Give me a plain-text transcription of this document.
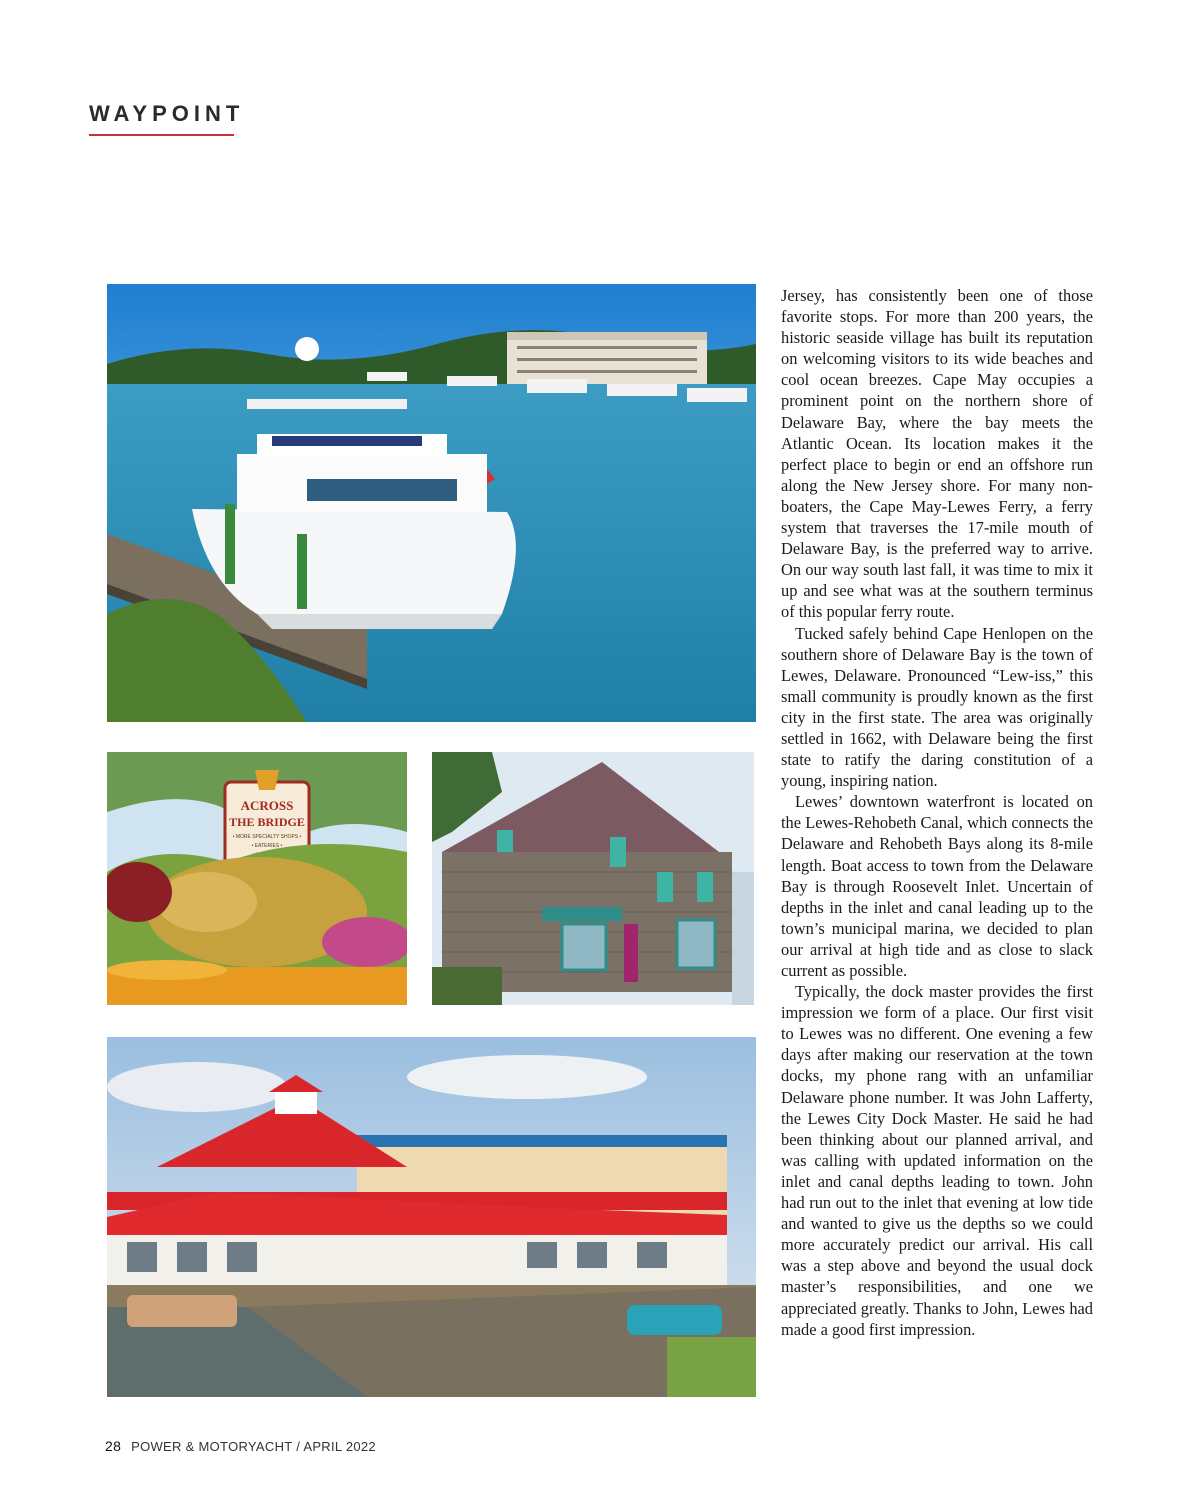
WAYPOINT
ACROSS
THE BRIDGE
• MORE SPECIALTY SHOPS •
• EATERIES •

Jersey, has consistently been one of those favorite stops. For more than 200 years, the historic seaside village has built its reputation on welcoming visitors to its wide beaches and cool ocean breezes. Cape May occupies a prominent point on the northern shore of Delaware Bay, where the bay meets the Atlantic Ocean. Its location makes it the perfect place to begin or end an offshore run along the New Jersey shore. For many non-boaters, the Cape May-Lewes Ferry, a ferry system that traverses the 17-mile mouth of Delaware Bay, is the preferred way to arrive. On our way south last fall, it was time to mix it up and see what was at the southern terminus of this popular ferry route.

Tucked safely behind Cape Henlopen on the southern shore of Delaware Bay is the town of Lewes, Delaware. Pronounced “Lew-iss,” this small community is proudly known as the first city in the first state. The area was originally settled in 1662, with Delaware being the first state to ratify the daring constitution of a young, inspiring nation.

Lewes’ downtown waterfront is located on the Lewes-Rehobeth Canal, which connects the Delaware and Rehobeth Bays along its 8-mile length. Boat access to town from the Delaware Bay is through Roosevelt Inlet. Uncertain of depths in the inlet and canal leading up to the town’s municipal marina, we decided to plan our arrival at high tide and as close to slack current as possible.

Typically, the dock master provides the first impression we form of a place. Our first visit to Lewes was no different. One evening a few days after making our reservation at the town docks, my phone rang with an unfamiliar Delaware phone number. It was John Lafferty, the Lewes City Dock Master. He said he had been thinking about our planned arrival, and was calling with updated information on the inlet and canal depths leading to town. John had run out to the inlet that evening at low tide and wanted to give us the depths so we could more accurately predict our arrival. His call was a step above and beyond the usual dock master’s responsibilities, and one we appreciated greatly. Thanks to John, Lewes had made a good first impression.

28 POWER & MOTORYACHT / APRIL 2022
